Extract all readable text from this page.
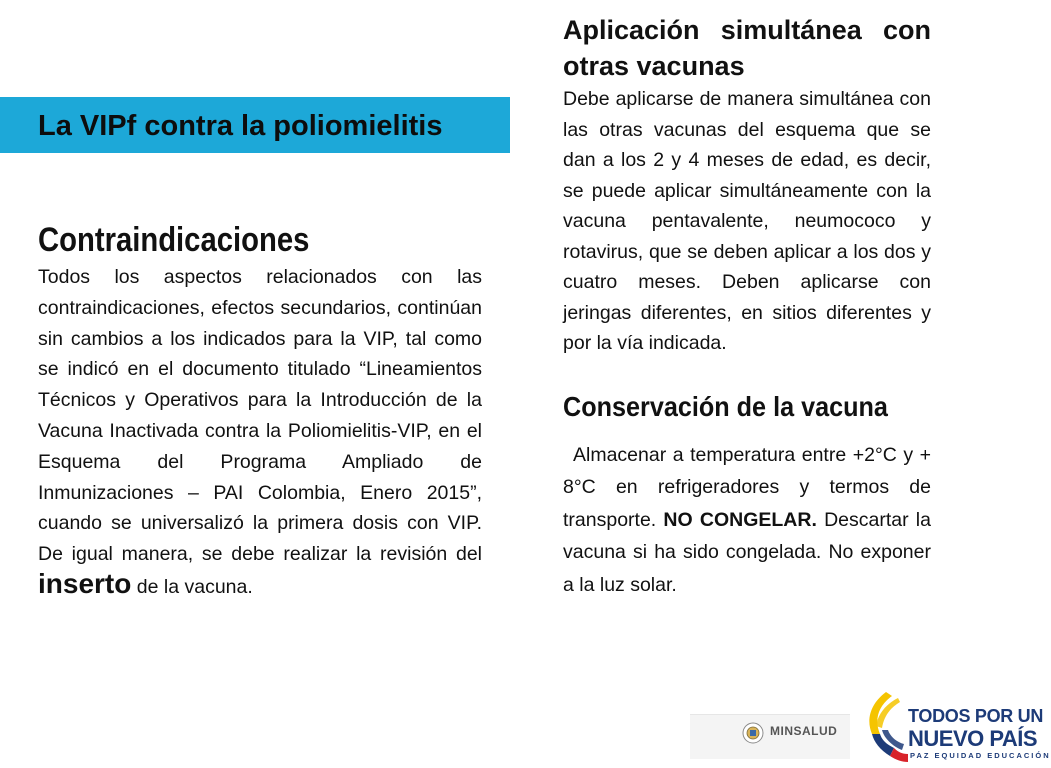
La VIPf contra la poliomielitis
Contraindicaciones

Todos los aspectos relacionados con las contraindicaciones, efectos secundarios, continúan sin cambios a los indicados para la VIP, tal como se indicó en el documento titulado “Lineamientos Técnicos y Operativos para la Introducción de la Vacuna Inactivada contra la Poliomielitis-VIP, en el Esquema del Programa Ampliado de Inmunizaciones – PAI Colombia, Enero 2015”, cuando se universalizó la primera dosis con VIP. De igual manera, se debe realizar la revisión del inserto de la vacuna.

Aplicación simultánea con otras vacunas

Debe aplicarse de manera simultánea con las otras vacunas del esquema que se dan a los 2 y 4 meses de edad, es decir, se puede aplicar simultáneamente con la vacuna pentavalente, neumococo y rotavirus, que se deben aplicar a los dos y cuatro meses. Deben aplicarse con jeringas diferentes, en sitios diferentes y por la vía indicada.

Conservación de la vacuna

Almacenar a temperatura entre +2°C y + 8°C en refrigeradores y termos de transporte. NO CONGELAR. Descartar la vacuna si ha sido congelada. No exponer a la luz solar.

MINSALUD
TODOS POR UN
NUEVO PAÍS
PAZ EQUIDAD EDUCACIÓN
